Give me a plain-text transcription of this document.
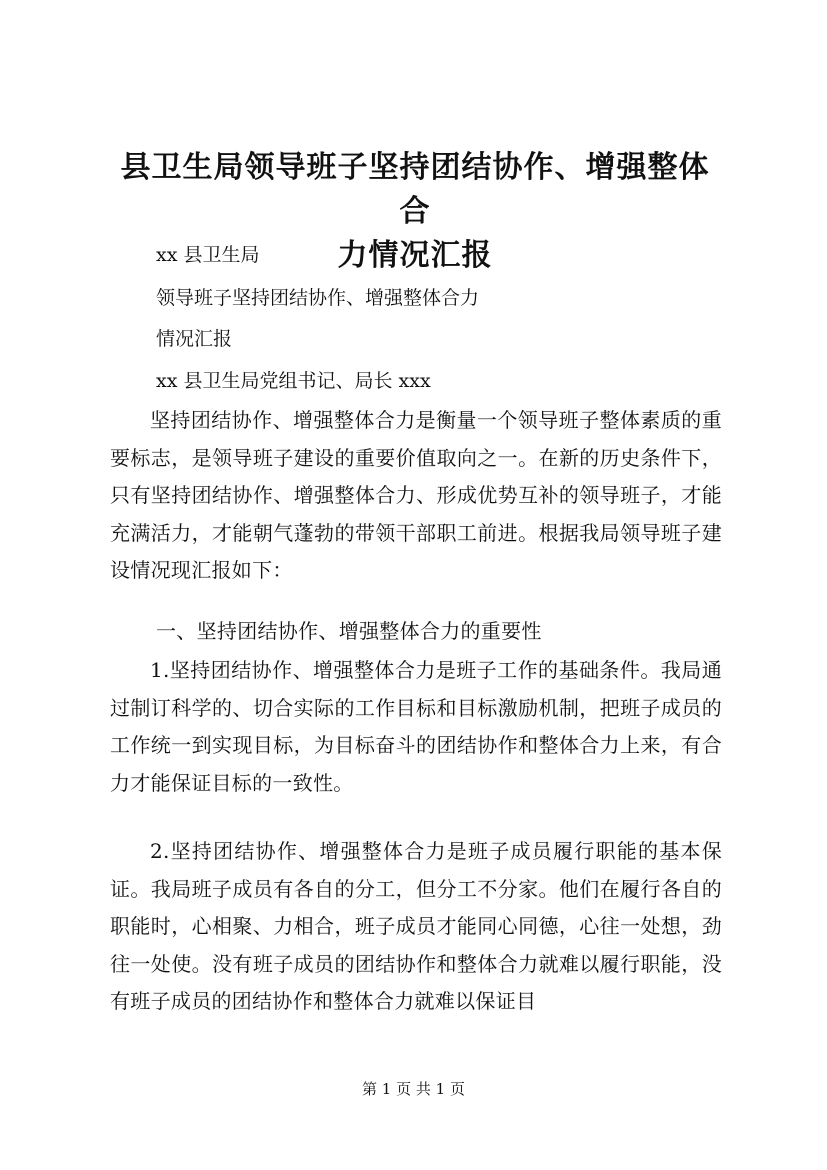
县卫生局领导班子坚持团结协作、增强整体合
力情况汇报
xx 县卫生局
领导班子坚持团结协作、增强整体合力
情况汇报
xx 县卫生局党组书记、局长 xxx

坚持团结协作、增强整体合力是衡量一个领导班子整体素质的重要标志，是领导班子建设的重要价值取向之一。在新的历史条件下，只有坚持团结协作、增强整体合力、形成优势互补的领导班子，才能充满活力，才能朝气蓬勃的带领干部职工前进。根据我局领导班子建设情况现汇报如下：

一、坚持团结协作、增强整体合力的重要性

1.坚持团结协作、增强整体合力是班子工作的基础条件。我局通过制订科学的、切合实际的工作目标和目标激励机制，把班子成员的工作统一到实现目标，为目标奋斗的团结协作和整体合力上来，有合力才能保证目标的一致性。

2.坚持团结协作、增强整体合力是班子成员履行职能的基本保证。我局班子成员有各自的分工，但分工不分家。他们在履行各自的职能时，心相聚、力相合，班子成员才能同心同德，心往一处想，劲往一处使。没有班子成员的团结协作和整体合力就难以履行职能，没有班子成员的团结协作和整体合力就难以保证目

第 1 页 共 1 页
